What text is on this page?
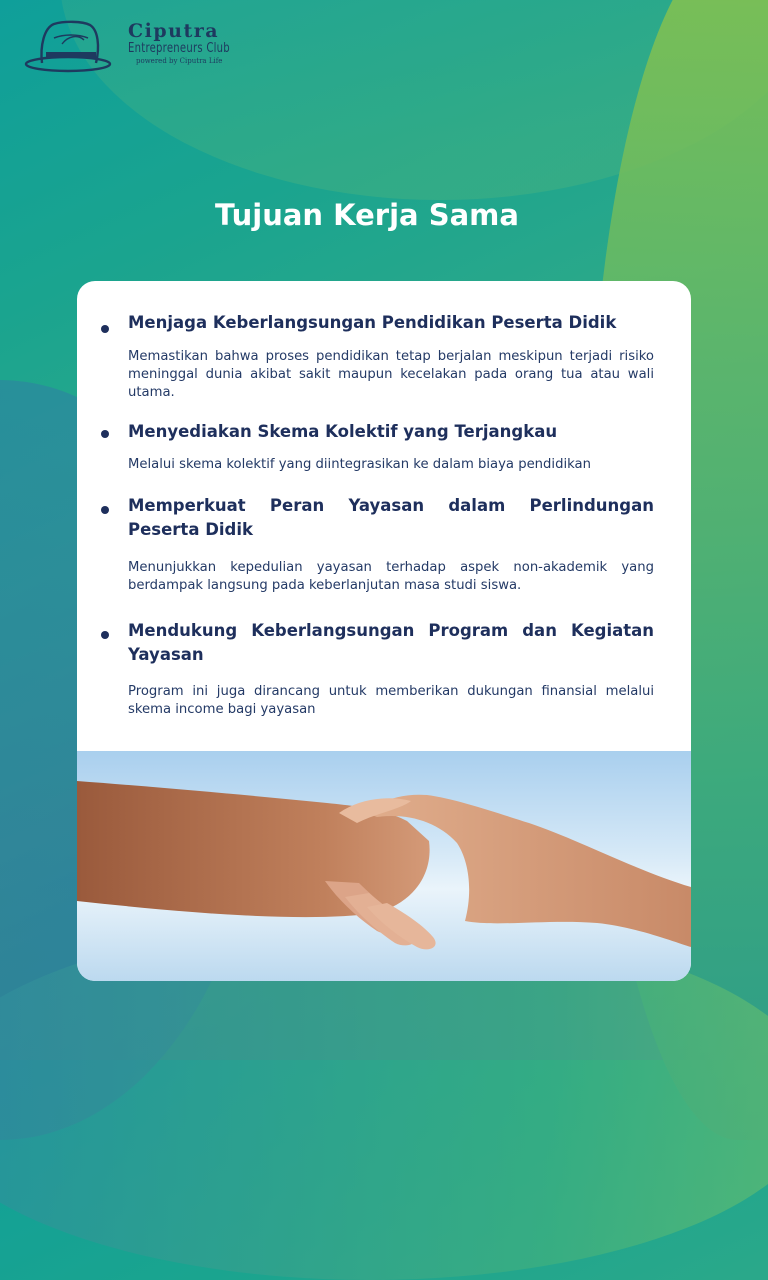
Ciputra
Entrepreneurs Club
powered by Ciputra Life
Tujuan Kerja Sama
Menjaga Keberlangsungan Pendidikan Peserta Didik
Memastikan bahwa proses pendidikan tetap berjalan meskipun terjadi risiko meninggal dunia akibat sakit maupun kecelakan pada orang tua atau wali utama.
Menyediakan Skema Kolektif yang Terjangkau
Melalui skema kolektif yang diintegrasikan ke dalam biaya pendidikan
Memperkuat Peran Yayasan dalam Perlindungan Peserta Didik
Menunjukkan kepedulian yayasan terhadap aspek non-akademik yang berdampak langsung pada keberlanjutan masa studi siswa.
Mendukung Keberlangsungan Program dan Kegiatan Yayasan
Program ini juga dirancang untuk memberikan dukungan finansial melalui skema income bagi yayasan
